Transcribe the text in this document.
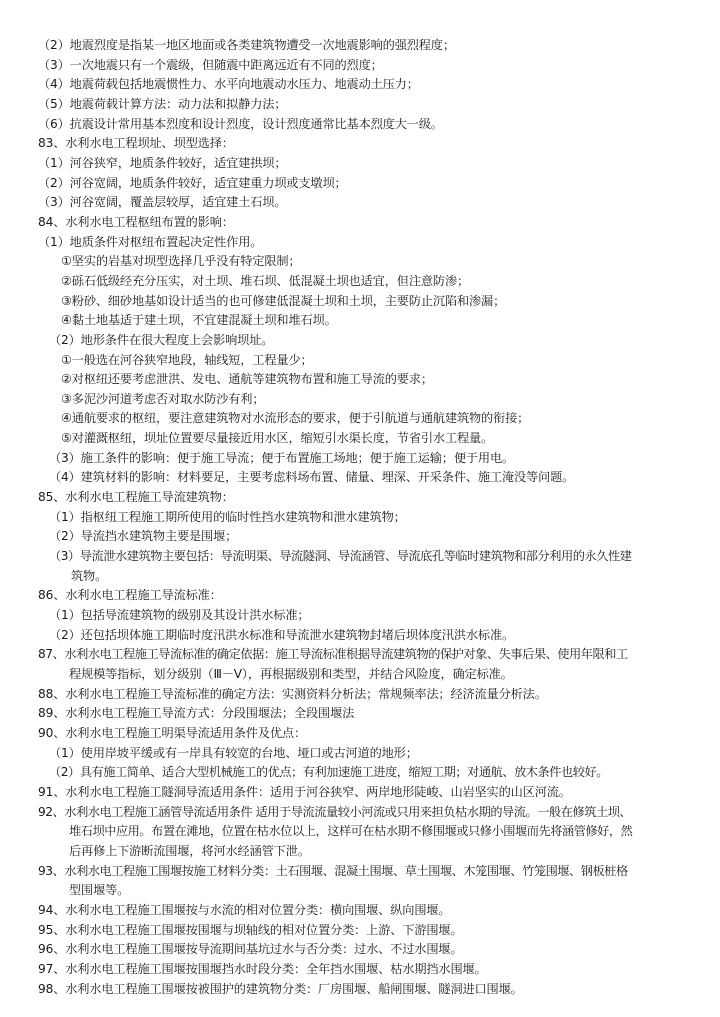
（2）地震烈度是指某一地区地面或各类建筑物遭受一次地震影响的强烈程度；
（3）一次地震只有一个震级，但随震中距离远近有不同的烈度；
（4）地震荷载包括地震惯性力、水平向地震动水压力、地震动土压力；
（5）地震荷载计算方法：动力法和拟静力法；
（6）抗震设计常用基本烈度和设计烈度，设计烈度通常比基本烈度大一级。
83、水利水电工程坝址、坝型选择：
（1）河谷狭窄，地质条件较好，适宜建拱坝；
（2）河谷宽阔，地质条件较好，适宜建重力坝或支墩坝；
（3）河谷宽阔，覆盖层较厚，适宜建土石坝。
84、水利水电工程枢纽布置的影响：
（1）地质条件对枢纽布置起决定性作用。
①坚实的岩基对坝型选择几乎没有特定限制；
②砾石低级经充分压实，对土坝、堆石坝、低混凝土坝也适宜，但注意防渗；
③粉砂、细砂地基如设计适当的也可修建低混凝土坝和土坝，主要防止沉陷和渗漏；
④黏土地基适于建土坝，不宜建混凝土坝和堆石坝。
（2）地形条件在很大程度上会影响坝址。
①一般选在河谷狭窄地段，轴线短，工程量少；
②对枢纽还要考虑泄洪、发电、通航等建筑物布置和施工导流的要求；
③多泥沙河道考虑否对取水防沙有利；
④通航要求的枢纽，要注意建筑物对水流形态的要求，便于引航道与通航建筑物的衔接；
⑤对灌溉枢纽，坝址位置要尽量接近用水区，缩短引水渠长度，节省引水工程量。
（3）施工条件的影响：便于施工导流；便于布置施工场地；便于施工运输；便于用电。
（4）建筑材料的影响：材料要足，主要考虑料场布置、储量、埋深、开采条件、施工淹没等问题。
85、水利水电工程施工导流建筑物：
（1）指枢纽工程施工期所使用的临时性挡水建筑物和泄水建筑物；
（2）导流挡水建筑物主要是围堰；
（3）导流泄水建筑物主要包括：导流明渠、导流隧洞、导流涵管、导流底孔等临时建筑物和部分利用的永久性建
筑物。
86、水利水电工程施工导流标准：
（1）包括导流建筑物的级别及其设计洪水标准；
（2）还包括坝体施工期临时度汛洪水标准和导流泄水建筑物封堵后坝体度汛洪水标准。
87、水利水电工程施工导流标准的确定依据：施工导流标准根据导流建筑物的保护对象、失事后果、使用年限和工
程规模等指标，划分级别（Ⅲ－Ⅴ），再根据级别和类型，并结合风险度，确定标准。
88、水利水电工程施工导流标准的确定方法：实测资料分析法；常规频率法；经济流量分析法。
89、水利水电工程施工导流方式：分段围堰法；全段围堰法
90、水利水电工程施工明渠导流适用条件及优点：
（1）使用岸坡平缓或有一岸具有较宽的台地、垭口或古河道的地形；
（2）具有施工简单、适合大型机械施工的优点；有利加速施工进度，缩短工期；对通航、放木条件也较好。
91、水利水电工程施工隧洞导流适用条件：适用于河谷狭窄、两岸地形陡峻、山岩坚实的山区河流。
92、水利水电工程施工涵管导流适用条件 适用于导流流量较小河流或只用来担负枯水期的导流。一般在修筑土坝、
堆石坝中应用。布置在滩地，位置在枯水位以上，这样可在枯水期不修围堰或只修小围堰而先将涵管修好，然
后再修上下游断流围堰，将河水经涵管下泄。
93、水利水电工程施工围堰按施工材料分类：土石围堰、混凝土围堰、草土围堰、木笼围堰、竹笼围堰、钢板桩格
型围堰等。
94、水利水电工程施工围堰按与水流的相对位置分类：横向围堰、纵向围堰。
95、水利水电工程施工围堰按围堰与坝轴线的相对位置分类：上游、下游围堰。
96、水利水电工程施工围堰按导流期间基坑过水与否分类：过水、不过水围堰。
97、水利水电工程施工围堰按围堰挡水时段分类：全年挡水围堰、枯水期挡水围堰。
98、水利水电工程施工围堰按被围护的建筑物分类：厂房围堰、船闸围堰、隧洞进口围堰。
